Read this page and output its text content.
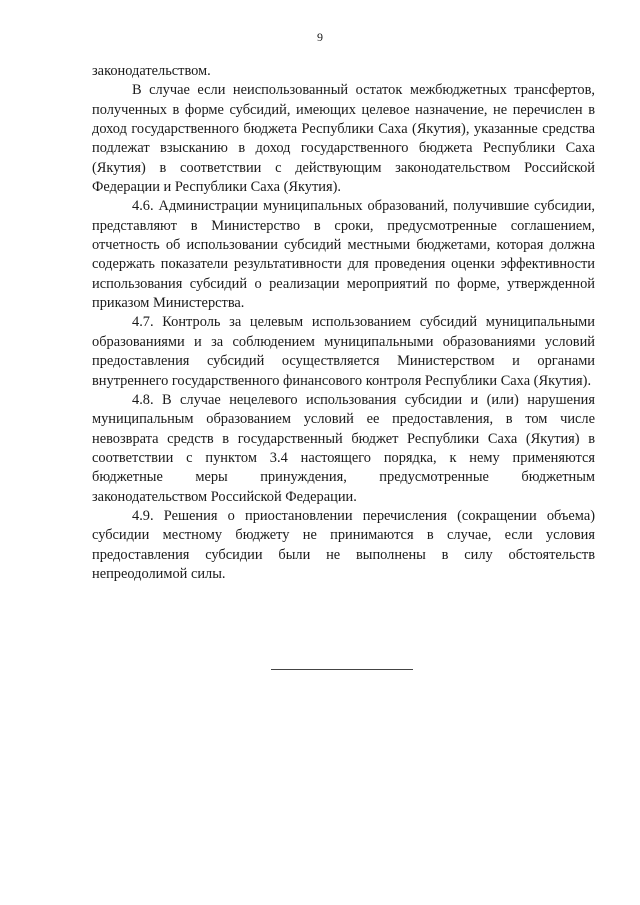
9

законодательством.

В случае если неиспользованный остаток межбюджетных трансфертов, полученных в форме субсидий, имеющих целевое назначение, не перечислен в доход государственного бюджета Республики Саха (Якутия), указанные средства подлежат взысканию в доход государственного бюджета Республики Саха (Якутия) в соответствии с действующим законодательством Российской Федерации и Республики Саха (Якутия).

4.6. Администрации муниципальных образований, получившие субсидии, представляют в Министерство в сроки, предусмотренные соглашением, отчетность об использовании субсидий местными бюджетами, которая должна содержать показатели результативности для проведения оценки эффективности использования субсидий о реализации мероприятий по форме, утвержденной приказом Министерства.

4.7. Контроль за целевым использованием субсидий муниципальными образованиями и за соблюдением муниципальными образованиями условий предоставления субсидий осуществляется Министерством и органами внутреннего государственного финансового контроля Республики Саха (Якутия).

4.8. В случае нецелевого использования субсидии и (или) нарушения муниципальным образованием условий ее предоставления, в том числе невозврата средств в государственный бюджет Республики Саха (Якутия) в соответствии с пунктом 3.4 настоящего порядка, к нему применяются бюджетные меры принуждения, предусмотренные бюджетным законодательством Российской Федерации.

4.9. Решения о приостановлении перечисления (сокращении объема) субсидии местному бюджету не принимаются в случае, если условия предоставления субсидии были не выполнены в силу обстоятельств непреодолимой силы.
